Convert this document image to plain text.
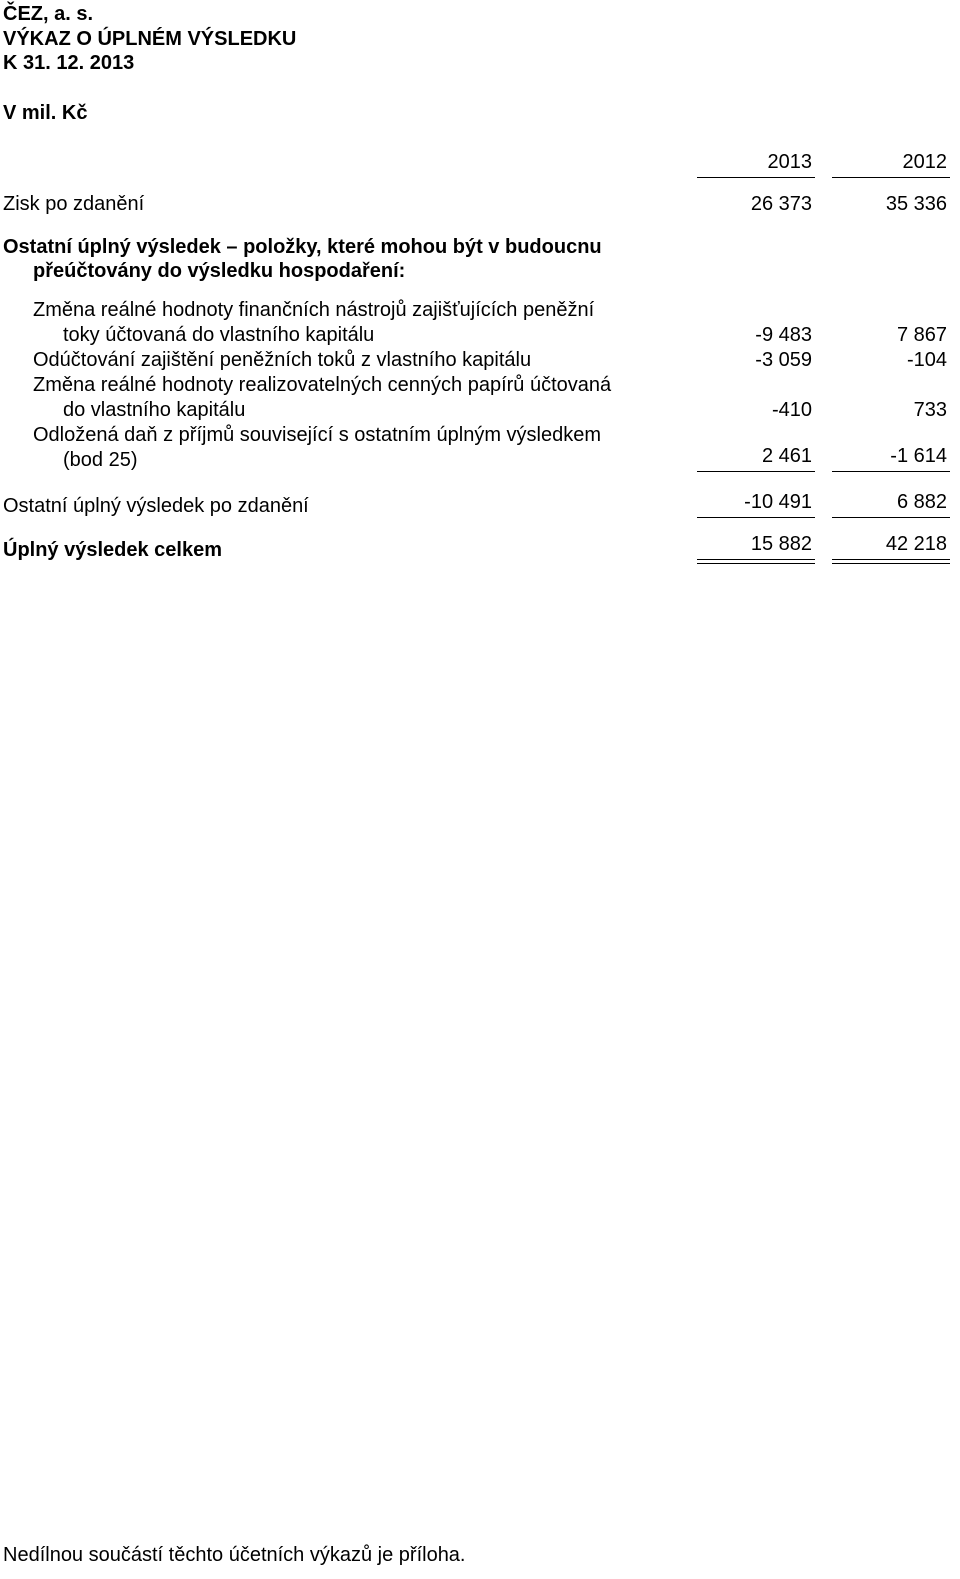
ČEZ, a. s.
VÝKAZ O ÚPLNÉM VÝSLEDKU
K 31. 12. 2013
V mil. Kč
2013	2012
Zisk po zdanění	26 373	35 336
Ostatní úplný výsledek – položky, které mohou být v budoucnu
přeúčtovány do výsledku hospodaření:
Změna reálné hodnoty finančních nástrojů zajišťujících peněžní
toky účtovaná do vlastního kapitálu	-9 483	7 867
Odúčtování zajištění peněžních toků z vlastního kapitálu	-3 059	-104
Změna reálné hodnoty realizovatelných cenných papírů účtovaná
do vlastního kapitálu	-410	733
Odložená daň z příjmů související s ostatním úplným výsledkem
(bod 25)	2 461	-1 614
Ostatní úplný výsledek po zdanění	-10 491	6 882
Úplný výsledek celkem	15 882	42 218
Nedílnou součástí těchto účetních výkazů je příloha.
